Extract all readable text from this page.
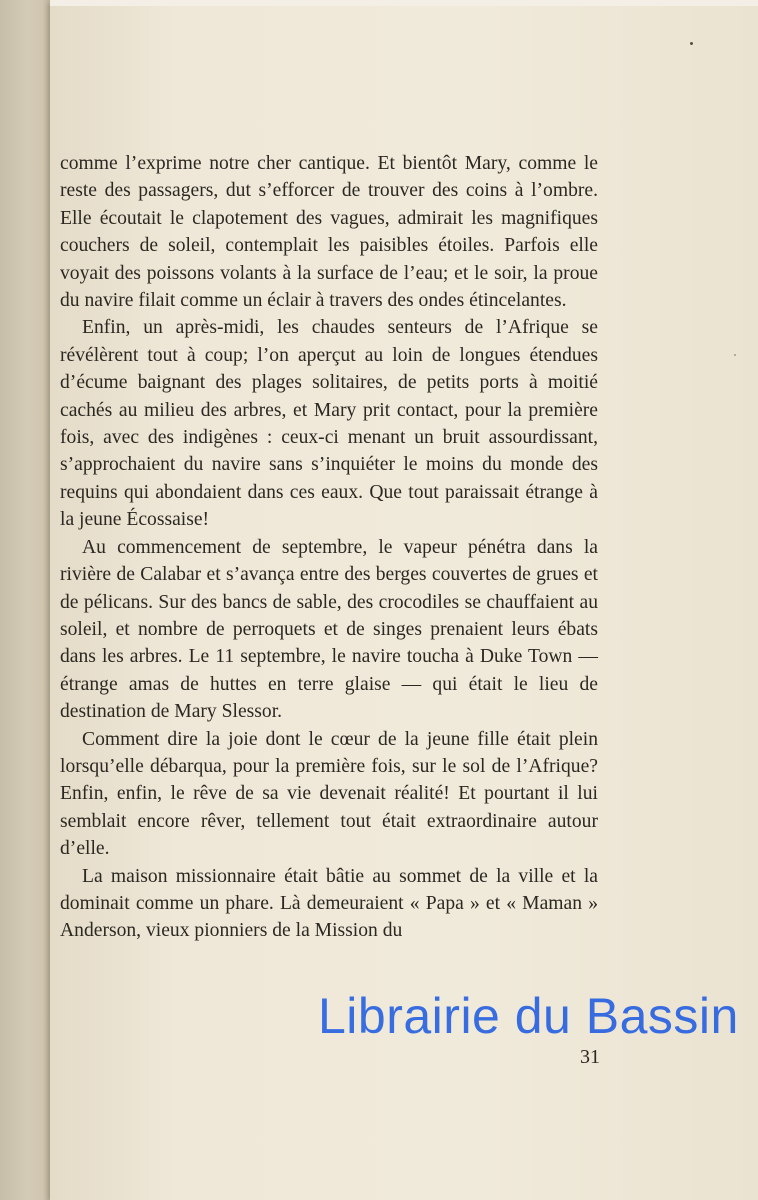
comme l’exprime notre cher cantique. Et bientôt Mary, comme le reste des passagers, dut s’efforcer de trouver des coins à l’ombre. Elle écoutait le clapotement des vagues, admirait les magnifiques couchers de soleil, contemplait les paisibles étoiles. Parfois elle voyait des poissons volants à la surface de l’eau; et le soir, la proue du navire filait comme un éclair à travers des ondes étincelantes.

Enfin, un après-midi, les chaudes senteurs de l’Afrique se révélèrent tout à coup; l’on aperçut au loin de longues étendues d’écume baignant des plages solitaires, de petits ports à moitié cachés au milieu des arbres, et Mary prit contact, pour la première fois, avec des indigènes : ceux-ci menant un bruit assourdissant, s’approchaient du navire sans s’inquiéter le moins du monde des requins qui abondaient dans ces eaux. Que tout paraissait étrange à la jeune Écossaise!

Au commencement de septembre, le vapeur pénétra dans la rivière de Calabar et s’avança entre des berges couvertes de grues et de pélicans. Sur des bancs de sable, des crocodiles se chauffaient au soleil, et nombre de perroquets et de singes prenaient leurs ébats dans les arbres. Le 11 septembre, le navire toucha à Duke Town — étrange amas de huttes en terre glaise — qui était le lieu de destination de Mary Slessor.

Comment dire la joie dont le cœur de la jeune fille était plein lorsqu’elle débarqua, pour la première fois, sur le sol de l’Afrique? Enfin, enfin, le rêve de sa vie devenait réalité! Et pourtant il lui semblait encore rêver, tellement tout était extraordinaire autour d’elle.

La maison missionnaire était bâtie au sommet de la ville et la dominait comme un phare. Là demeuraient « Papa » et « Maman » Anderson, vieux pionniers de la Mission du

31
Librairie du Bassin
